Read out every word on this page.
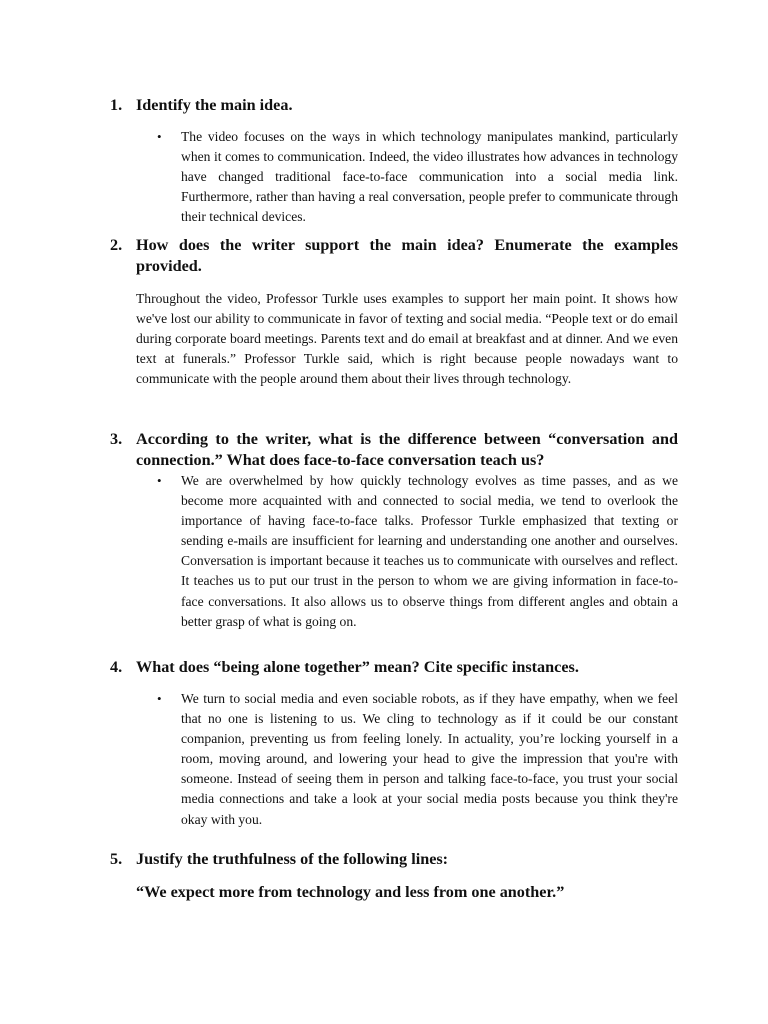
1. Identify the main idea.
• The video focuses on the ways in which technology manipulates mankind, particularly when it comes to communication. Indeed, the video illustrates how advances in technology have changed traditional face-to-face communication into a social media link. Furthermore, rather than having a real conversation, people prefer to communicate through their technical devices.
2. How does the writer support the main idea? Enumerate the examples provided.
Throughout the video, Professor Turkle uses examples to support her main point. It shows how we've lost our ability to communicate in favor of texting and social media. “People text or do email during corporate board meetings. Parents text and do email at breakfast and at dinner. And we even text at funerals.” Professor Turkle said, which is right because people nowadays want to communicate with the people around them about their lives through technology.
3. According to the writer, what is the difference between “conversation and connection.” What does face-to-face conversation teach us?
• We are overwhelmed by how quickly technology evolves as time passes, and as we become more acquainted with and connected to social media, we tend to overlook the importance of having face-to-face talks. Professor Turkle emphasized that texting or sending e-mails are insufficient for learning and understanding one another and ourselves. Conversation is important because it teaches us to communicate with ourselves and reflect. It teaches us to put our trust in the person to whom we are giving information in face-to-face conversations. It also allows us to observe things from different angles and obtain a better grasp of what is going on.
4. What does “being alone together” mean? Cite specific instances.
• We turn to social media and even sociable robots, as if they have empathy, when we feel that no one is listening to us. We cling to technology as if it could be our constant companion, preventing us from feeling lonely. In actuality, you’re locking yourself in a room, moving around, and lowering your head to give the impression that you're with someone. Instead of seeing them in person and talking face-to-face, you trust your social media connections and take a look at your social media posts because you think they're okay with you.
5. Justify the truthfulness of the following lines:
“We expect more from technology and less from one another.”
